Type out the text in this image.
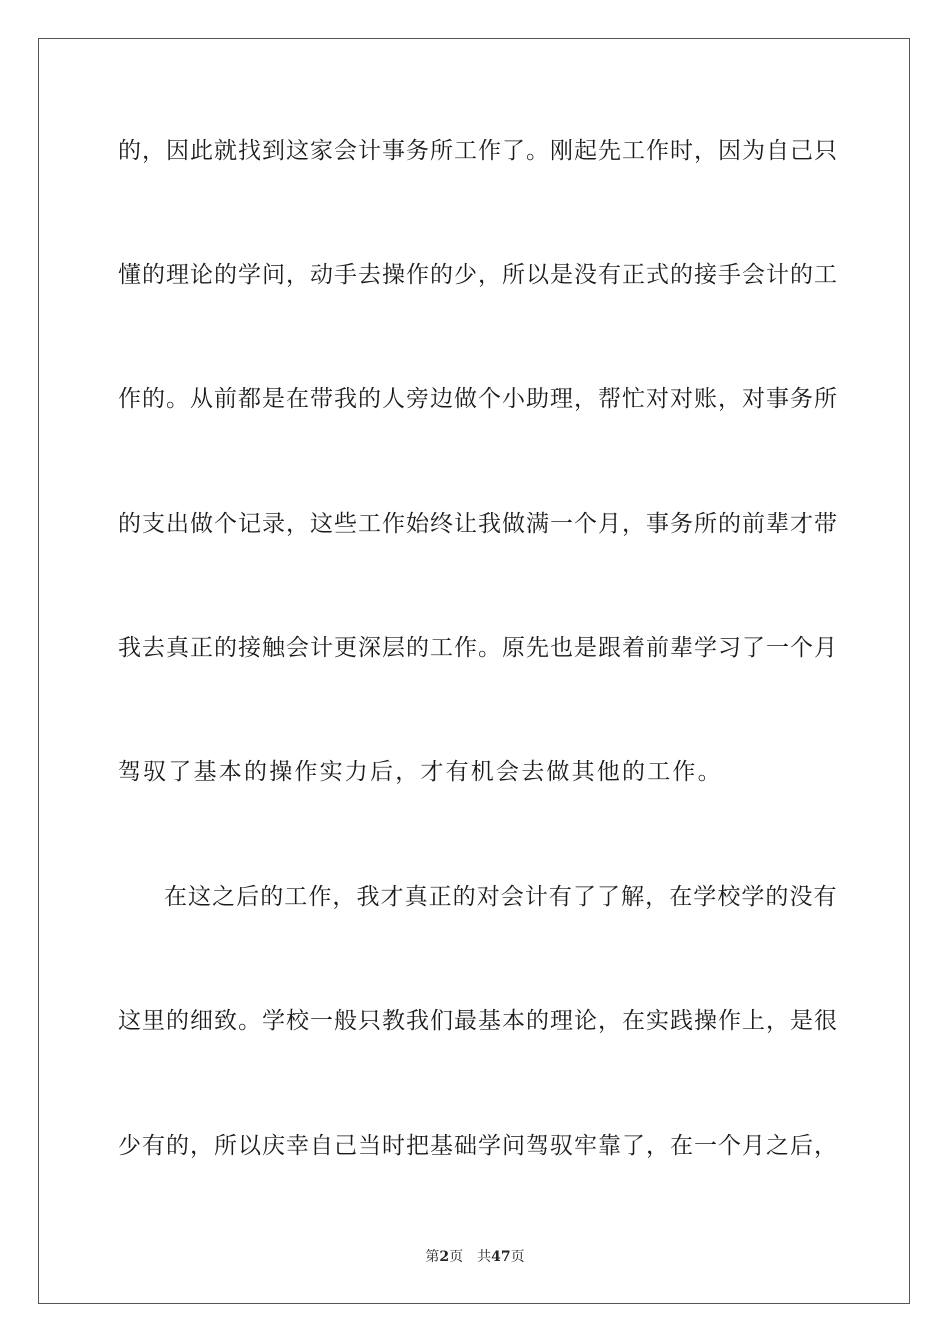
的，因此就找到这家会计事务所工作了。刚起先工作时，因为自己只
懂的理论的学问，动手去操作的少，所以是没有正式的接手会计的工
作的。从前都是在带我的人旁边做个小助理，帮忙对对账，对事务所
的支出做个记录，这些工作始终让我做满一个月，事务所的前辈才带
我去真正的接触会计更深层的工作。原先也是跟着前辈学习了一个月
驾驭了基本的操作实力后，才有机会去做其他的工作。
在这之后的工作，我才真正的对会计有了了解，在学校学的没有
这里的细致。学校一般只教我们最基本的理论，在实践操作上，是很
少有的，所以庆幸自己当时把基础学问驾驭牢靠了，在一个月之后，
第2页 共47页
